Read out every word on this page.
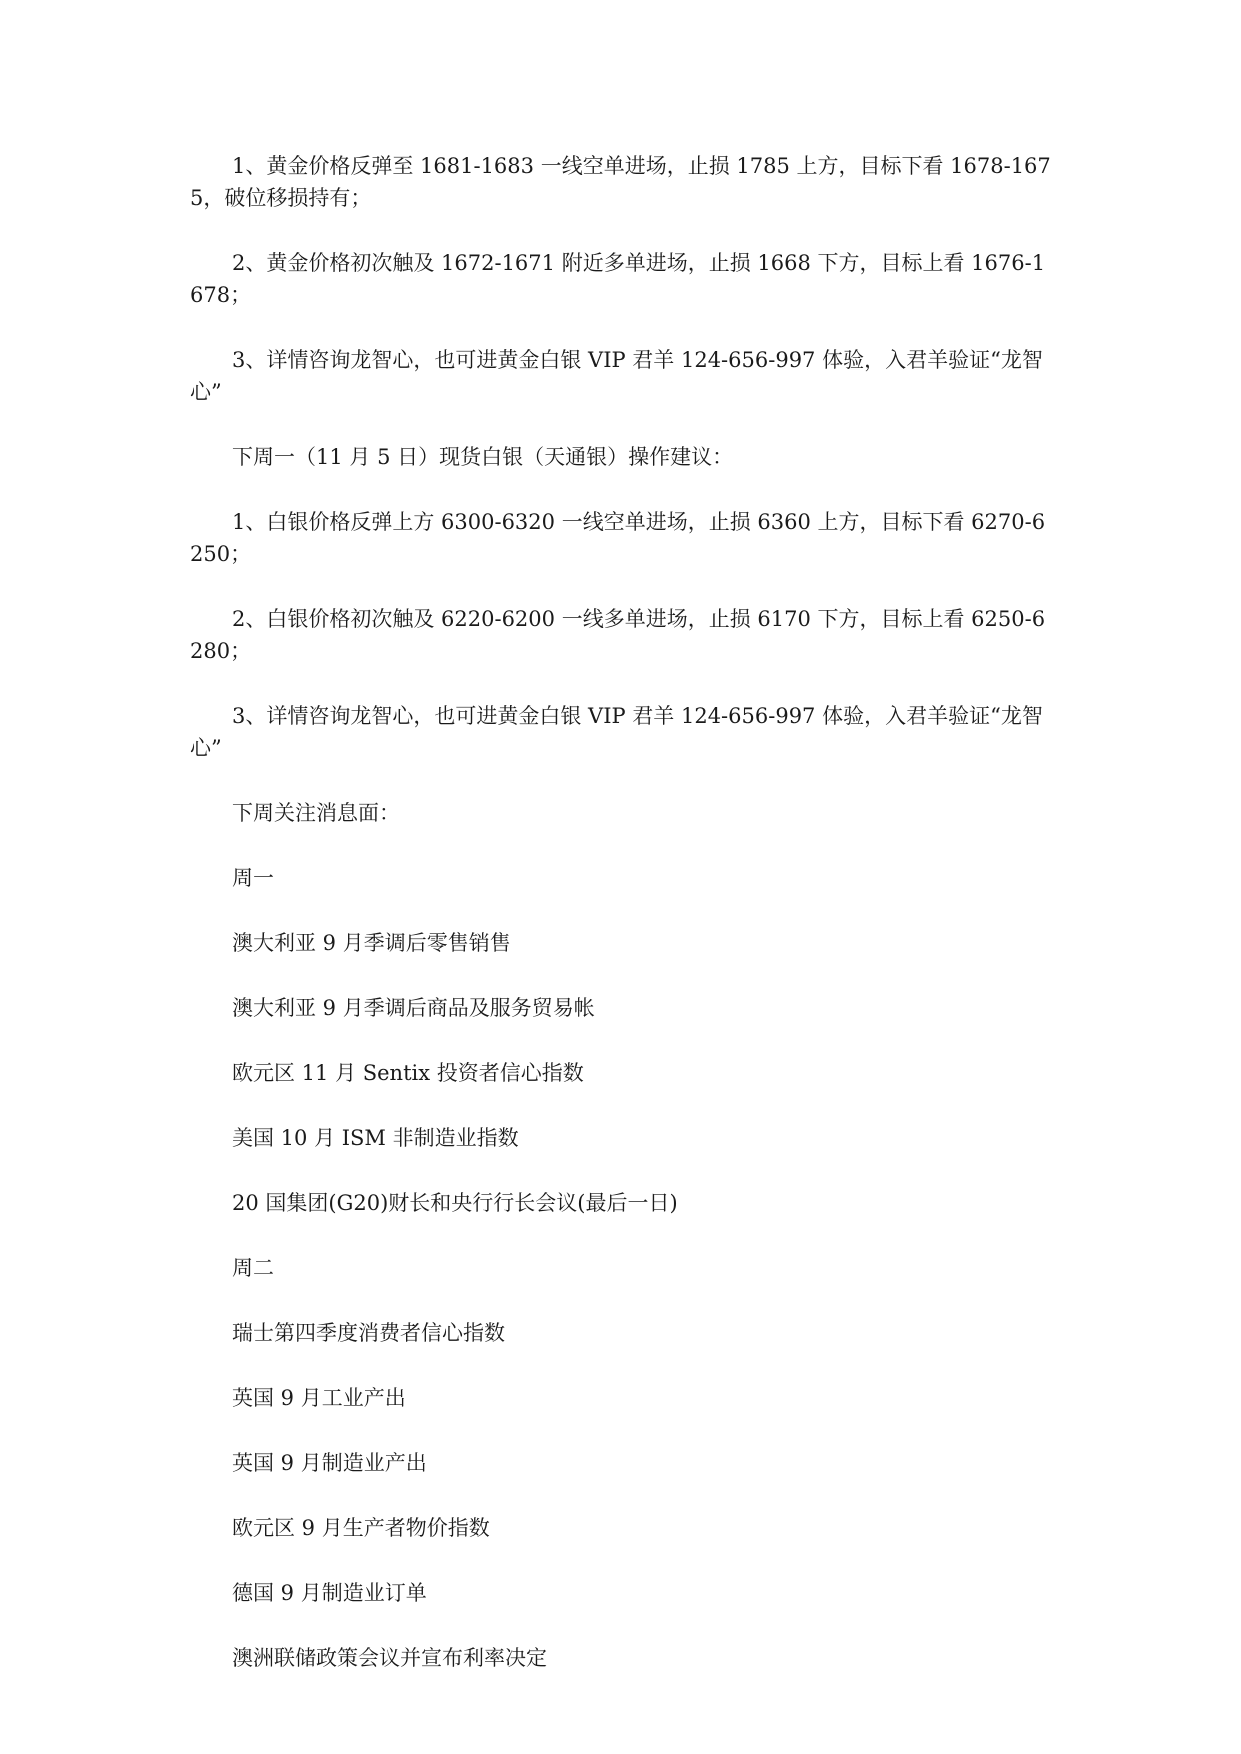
1、黄金价格反弹至 1681-1683 一线空单进场，止损 1785 上方，目标下看 1678-1675，破位移损持有；

2、黄金价格初次触及 1672-1671 附近多单进场，止损 1668 下方，目标上看 1676-1678；

3、详情咨询龙智心，也可进黄金白银 VIP 君羊 124-656-997 体验，入君羊验证“龙智心”

下周一（11 月 5 日）现货白银（天通银）操作建议：

1、白银价格反弹上方 6300-6320 一线空单进场，止损 6360 上方，目标下看 6270-6250；

2、白银价格初次触及 6220-6200 一线多单进场，止损 6170 下方，目标上看 6250-6280；

3、详情咨询龙智心，也可进黄金白银 VIP 君羊 124-656-997 体验，入君羊验证“龙智心”

下周关注消息面：

周一

澳大利亚 9 月季调后零售销售

澳大利亚 9 月季调后商品及服务贸易帐

欧元区 11 月 Sentix 投资者信心指数

美国 10 月 ISM 非制造业指数

20 国集团(G20)财长和央行行长会议(最后一日)

周二

瑞士第四季度消费者信心指数

英国 9 月工业产出

英国 9 月制造业产出

欧元区 9 月生产者物价指数

德国 9 月制造业订单

澳洲联储政策会议并宣布利率决定
